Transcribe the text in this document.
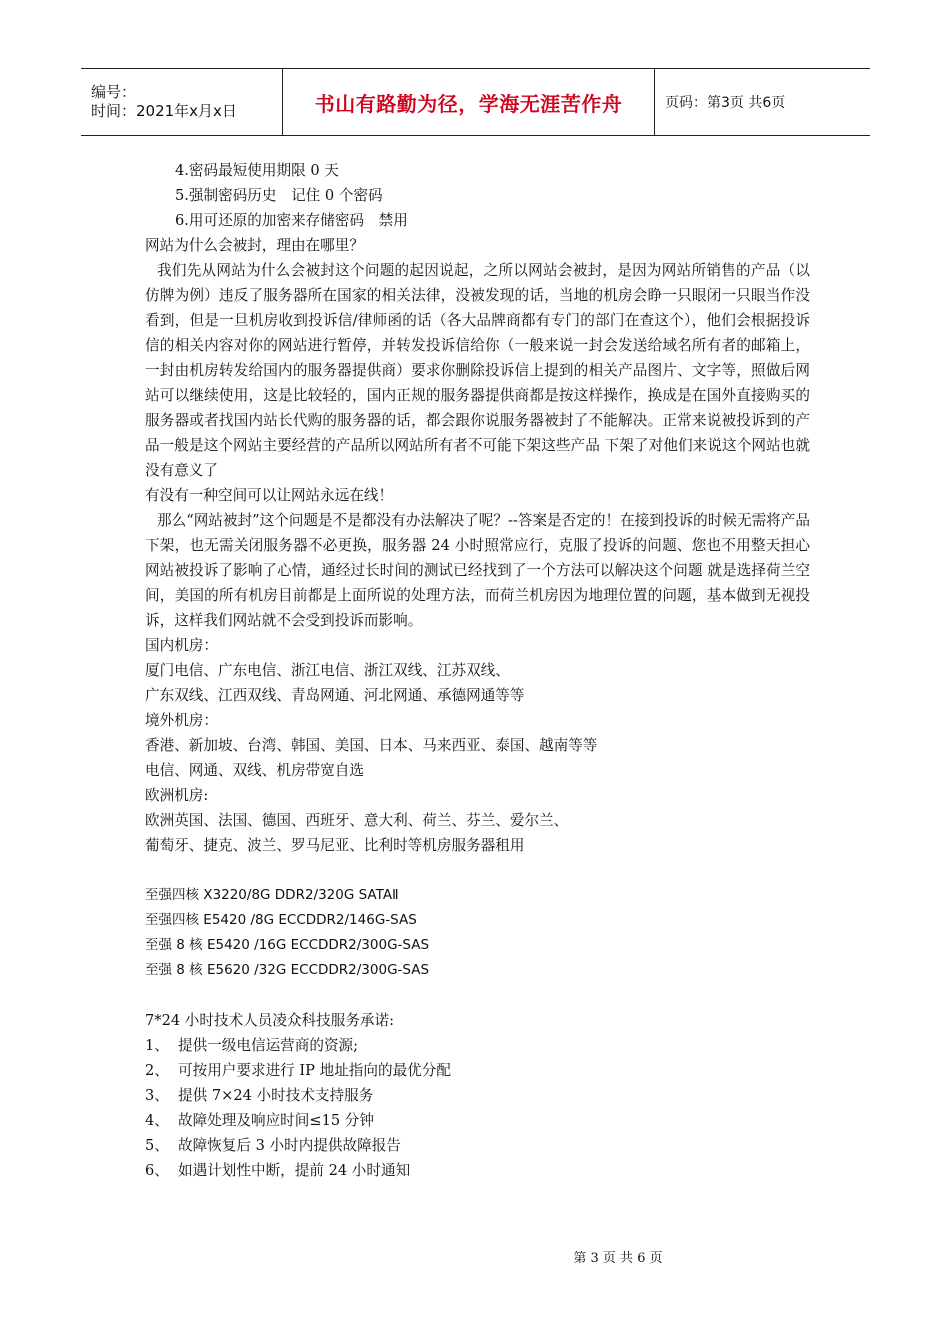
编号：
时间：2021年x月x日	书山有路勤为径，学海无涯苦作舟	页码：第3页 共6页

4.密码最短使用期限 0 天

5.强制密码历史　记住 0 个密码

6.用可还原的加密来存储密码　禁用

网站为什么会被封，理由在哪里？

我们先从网站为什么会被封这个问题的起因说起，之所以网站会被封，是因为网站所销售的产品（以仿牌为例）违反了服务器所在国家的相关法律，没被发现的话，当地的机房会睁一只眼闭一只眼当作没看到，但是一旦机房收到投诉信/律师函的话（各大品牌商都有专门的部门在查这个），他们会根据投诉信的相关内容对你的网站进行暂停，并转发投诉信给你（一般来说一封会发送给域名所有者的邮箱上，一封由机房转发给国内的服务器提供商）要求你删除投诉信上提到的相关产品图片、文字等，照做后网站可以继续使用，这是比较轻的，国内正规的服务器提供商都是按这样操作，换成是在国外直接购买的服务器或者找国内站长代购的服务器的话，都会跟你说服务器被封了不能解决。正常来说被投诉到的产品一般是这个网站主要经营的产品所以网站所有者不可能下架这些产品 下架了对他们来说这个网站也就没有意义了

有没有一种空间可以让网站永远在线！

那么“网站被封”这个问题是不是都没有办法解决了呢？--答案是否定的！在接到投诉的时候无需将产品下架，也无需关闭服务器不必更换，服务器 24 小时照常应行，克服了投诉的问题、您也不用整天担心网站被投诉了影响了心情，通经过长时间的测试已经找到了一个方法可以解决这个问题 就是选择荷兰空间，美国的所有机房目前都是上面所说的处理方法，而荷兰机房因为地理位置的问题，基本做到无视投诉，这样我们网站就不会受到投诉而影响。

国内机房：

厦门电信、广东电信、浙江电信、浙江双线、江苏双线、

广东双线、江西双线、青岛网通、河北网通、承德网通等等

境外机房：

香港、新加坡、台湾、韩国、美国、日本、马来西亚、泰国、越南等等

电信、网通、双线、机房带宽自选

欧洲机房:

欧洲英国、法国、德国、西班牙、意大利、荷兰、芬兰、爱尔兰、

葡萄牙、捷克、波兰、罗马尼亚、比利时等机房服务器租用

至强四核 X3220/8G DDR2/320G SATAⅡ

至强四核 E5420 /8G ECCDDR2/146G-SAS

至强 8 核 E5420 /16G ECCDDR2/300G-SAS

至强 8 核 E5620 /32G ECCDDR2/300G-SAS

7*24 小时技术人员凌众科技服务承诺:

1、 提供一级电信运营商的资源;

2、 可按用户要求进行 IP 地址指向的最优分配

3、 提供 7×24 小时技术支持服务

4、 故障处理及响应时间≤15 分钟

5、 故障恢复后 3 小时内提供故障报告

6、 如遇计划性中断，提前 24 小时通知

第 3 页 共 6 页
